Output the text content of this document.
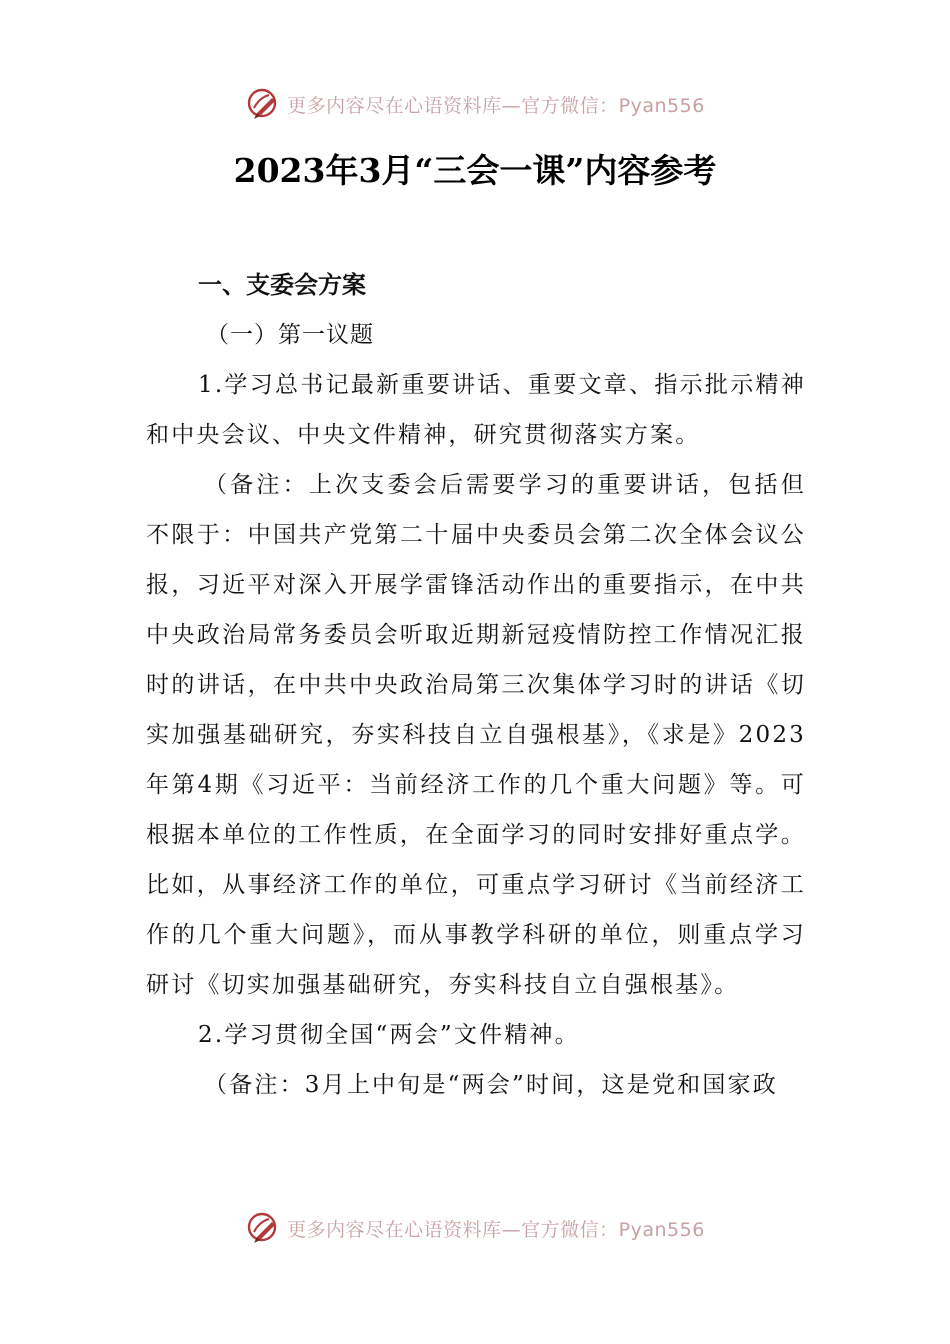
更多内容尽在心语资料库—官方微信：Pyan556
2023年3月“三会一课”内容参考

一、支委会方案

（一）第一议题

1.学习总书记最新重要讲话、重要文章、指示批示精神和中央会议、中央文件精神，研究贯彻落实方案。

（备注：上次支委会后需要学习的重要讲话，包括但不限于：中国共产党第二十届中央委员会第二次全体会议公报，习近平对深入开展学雷锋活动作出的重要指示，在中共中央政治局常务委员会听取近期新冠疫情防控工作情况汇报时的讲话，在中共中央政治局第三次集体学习时的讲话《切实加强基础研究，夯实科技自立自强根基》，《求是》2023年第4期《习近平：当前经济工作的几个重大问题》等。可根据本单位的工作性质，在全面学习的同时安排好重点学。比如，从事经济工作的单位，可重点学习研讨《当前经济工作的几个重大问题》，而从事教学科研的单位，则重点学习研讨《切实加强基础研究，夯实科技自立自强根基》。

2.学习贯彻全国“两会”文件精神。

（备注：3月上中旬是“两会”时间，这是党和国家政

更多内容尽在心语资料库—官方微信：Pyan556
